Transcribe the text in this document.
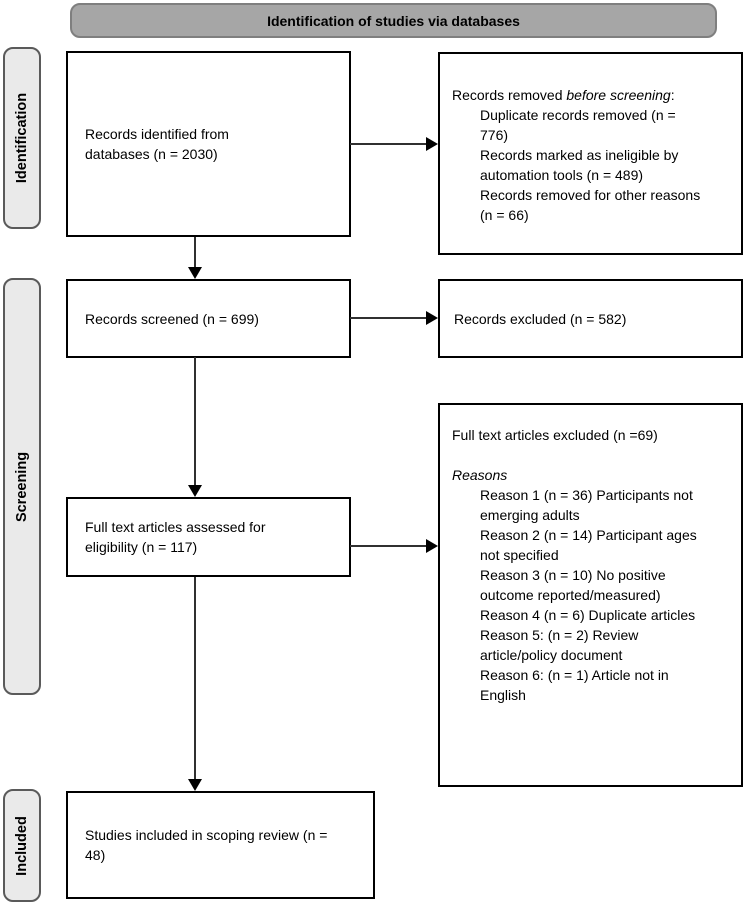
Identification of studies via databases
Identification
Screening
Included
Records identified from databases (n = 2030)
Records removed before screening:
Duplicate records removed (n = 776)
Records marked as ineligible by automation tools (n = 489)
Records removed for other reasons (n = 66)
Records screened (n = 699)	Records excluded (n = 582)
Full text articles assessed for eligibility (n = 117)
Full text articles excluded (n =69)
Reasons
Reason 1 (n = 36) Participants not emerging adults
Reason 2 (n = 14) Participant ages not specified
Reason 3 (n = 10) No positive outcome reported/measured)
Reason 4 (n = 6) Duplicate articles
Reason 5: (n = 2) Review article/policy document
Reason 6: (n = 1) Article not in English
Studies included in scoping review (n = 48)
